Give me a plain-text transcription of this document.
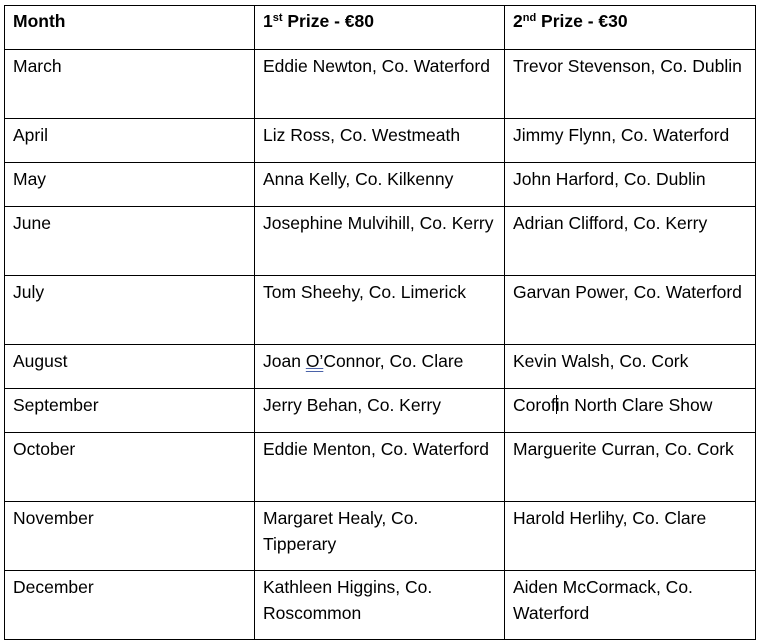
Month	1st Prize - €80	2nd Prize - €30
March	Eddie Newton, Co. Waterford	Trevor Stevenson, Co. Dublin
April	Liz Ross, Co. Westmeath	Jimmy Flynn, Co. Waterford
May	Anna Kelly, Co. Kilkenny	John Harford, Co. Dublin
June	Josephine Mulvihill, Co. Kerry	Adrian Clifford, Co. Kerry
July	Tom Sheehy, Co. Limerick	Garvan Power, Co. Waterford
August	Joan O’Connor, Co. Clare	Kevin Walsh, Co. Cork
September	Jerry Behan, Co. Kerry	Corofin North Clare Show
October	Eddie Menton, Co. Waterford	Marguerite Curran, Co. Cork
November	Margaret Healy, Co. Tipperary	Harold Herlihy, Co. Clare
December	Kathleen Higgins, Co. Roscommon	Aiden McCormack, Co. Waterford
